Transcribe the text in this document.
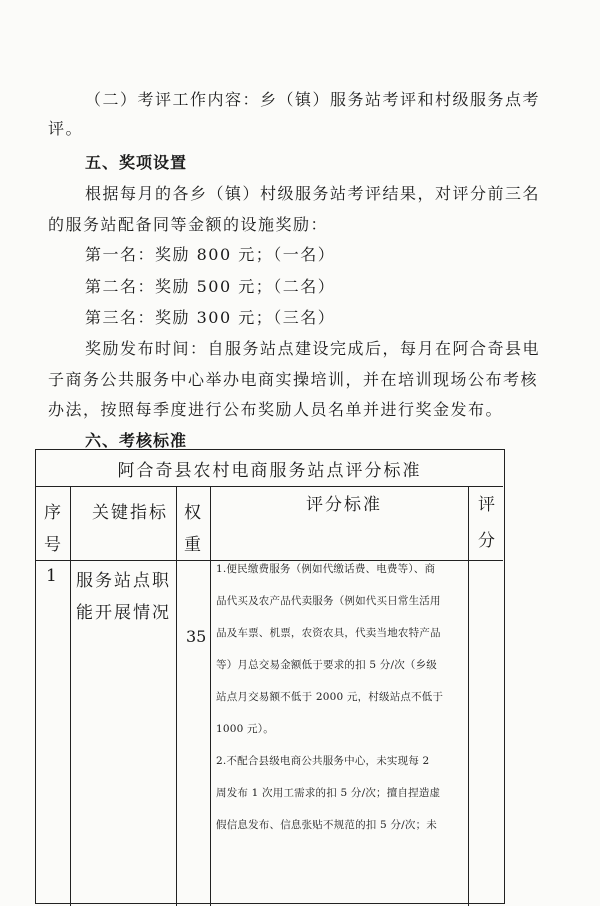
（二）考评工作内容：乡（镇）服务站考评和村级服务点考
评。
五、奖项设置
根据每月的各乡（镇）村级服务站考评结果，对评分前三名
的服务站配备同等金额的设施奖励：
第一名：奖励 800 元；（一名）
第二名：奖励 500 元；（二名）
第三名：奖励 300 元；（三名）
奖励发布时间：自服务站点建设完成后，每月在阿合奇县电
子商务公共服务中心举办电商实操培训，并在培训现场公布考核
办法，按照每季度进行公布奖励人员名单并进行奖金发布。
六、考核标准
阿合奇县农村电商服务站点评分标准
序
号
关键指标 权
重
评分标准	评
分
1 服务站点职
能开展情况
35
1.便民缴费服务（例如代缴话费、电费等）、商
品代买及农产品代卖服务（例如代买日常生活用
品及车票、机票，农资农具，代卖当地农特产品
等）月总交易金额低于要求的扣 5 分/次（乡级
站点月交易额不低于 2000 元，村级站点不低于
1000 元）。
2.不配合县级电商公共服务中心，未实现每 2
周发布 1 次用工需求的扣 5 分/次；擅自捏造虚
假信息发布、信息张贴不规范的扣 5 分/次；未
